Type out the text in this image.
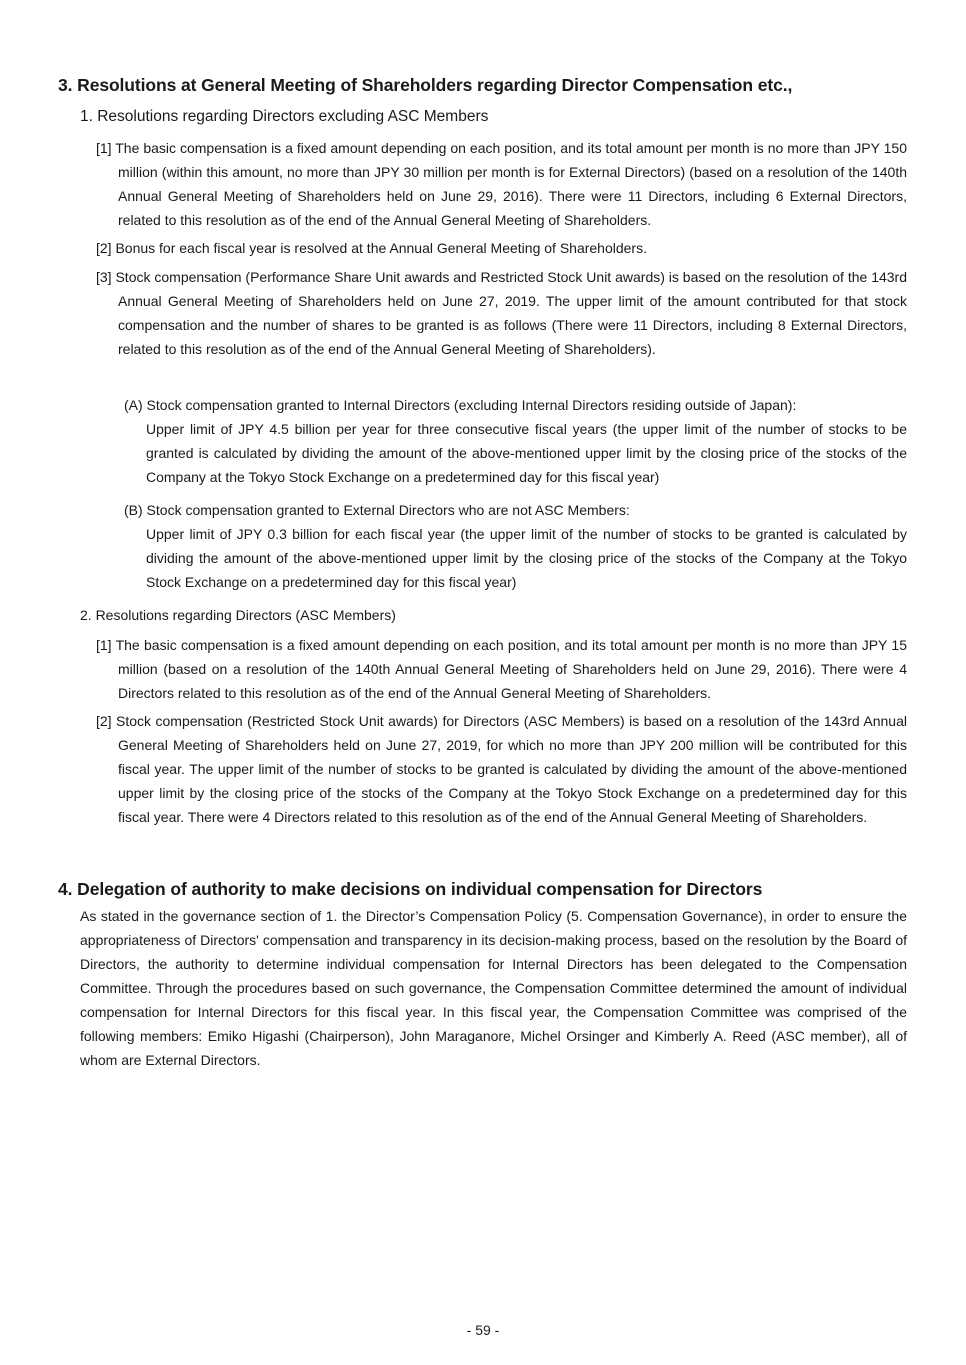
3. Resolutions at General Meeting of Shareholders regarding Director Compensation etc.,

1. Resolutions regarding Directors excluding ASC Members

[1] The basic compensation is a fixed amount depending on each position, and its total amount per month is no more than JPY 150 million (within this amount, no more than JPY 30 million per month is for External Directors) (based on a resolution of the 140th Annual General Meeting of Shareholders held on June 29, 2016). There were 11 Directors, including 6 External Directors, related to this resolution as of the end of the Annual General Meeting of Shareholders.

[2] Bonus for each fiscal year is resolved at the Annual General Meeting of Shareholders.

[3] Stock compensation (Performance Share Unit awards and Restricted Stock Unit awards) is based on the resolution of the 143rd Annual General Meeting of Shareholders held on June 27, 2019. The upper limit of the amount contributed for that stock compensation and the number of shares to be granted is as follows (There were 11 Directors, including 8 External Directors, related to this resolution as of the end of the Annual General Meeting of Shareholders).

(A) Stock compensation granted to Internal Directors (excluding Internal Directors residing outside of Japan):
Upper limit of JPY 4.5 billion per year for three consecutive fiscal years (the upper limit of the number of stocks to be granted is calculated by dividing the amount of the above-mentioned upper limit by the closing price of the stocks of the Company at the Tokyo Stock Exchange on a predetermined day for this fiscal year)
(B) Stock compensation granted to External Directors who are not ASC Members:
Upper limit of JPY 0.3 billion for each fiscal year (the upper limit of the number of stocks to be granted is calculated by dividing the amount of the above-mentioned upper limit by the closing price of the stocks of the Company at the Tokyo Stock Exchange on a predetermined day for this fiscal year)

2. Resolutions regarding Directors (ASC Members)

[1] The basic compensation is a fixed amount depending on each position, and its total amount per month is no more than JPY 15 million (based on a resolution of the 140th Annual General Meeting of Shareholders held on June 29, 2016). There were 4 Directors related to this resolution as of the end of the Annual General Meeting of Shareholders.

[2] Stock compensation (Restricted Stock Unit awards) for Directors (ASC Members) is based on a resolution of the 143rd Annual General Meeting of Shareholders held on June 27, 2019, for which no more than JPY 200 million will be contributed for this fiscal year. The upper limit of the number of stocks to be granted is calculated by dividing the amount of the above-mentioned upper limit by the closing price of the stocks of the Company at the Tokyo Stock Exchange on a predetermined day for this fiscal year. There were 4 Directors related to this resolution as of the end of the Annual General Meeting of Shareholders.

4. Delegation of authority to make decisions on individual compensation for Directors

As stated in the governance section of 1. the Director’s Compensation Policy (5. Compensation Governance), in order to ensure the appropriateness of Directors' compensation and transparency in its decision-making process, based on the resolution by the Board of Directors, the authority to determine individual compensation for Internal Directors has been delegated to the Compensation Committee. Through the procedures based on such governance, the Compensation Committee determined the amount of individual compensation for Internal Directors for this fiscal year. In this fiscal year, the Compensation Committee was comprised of the following members: Emiko Higashi (Chairperson), John Maraganore, Michel Orsinger and Kimberly A. Reed (ASC member), all of whom are External Directors.

- 59 -
